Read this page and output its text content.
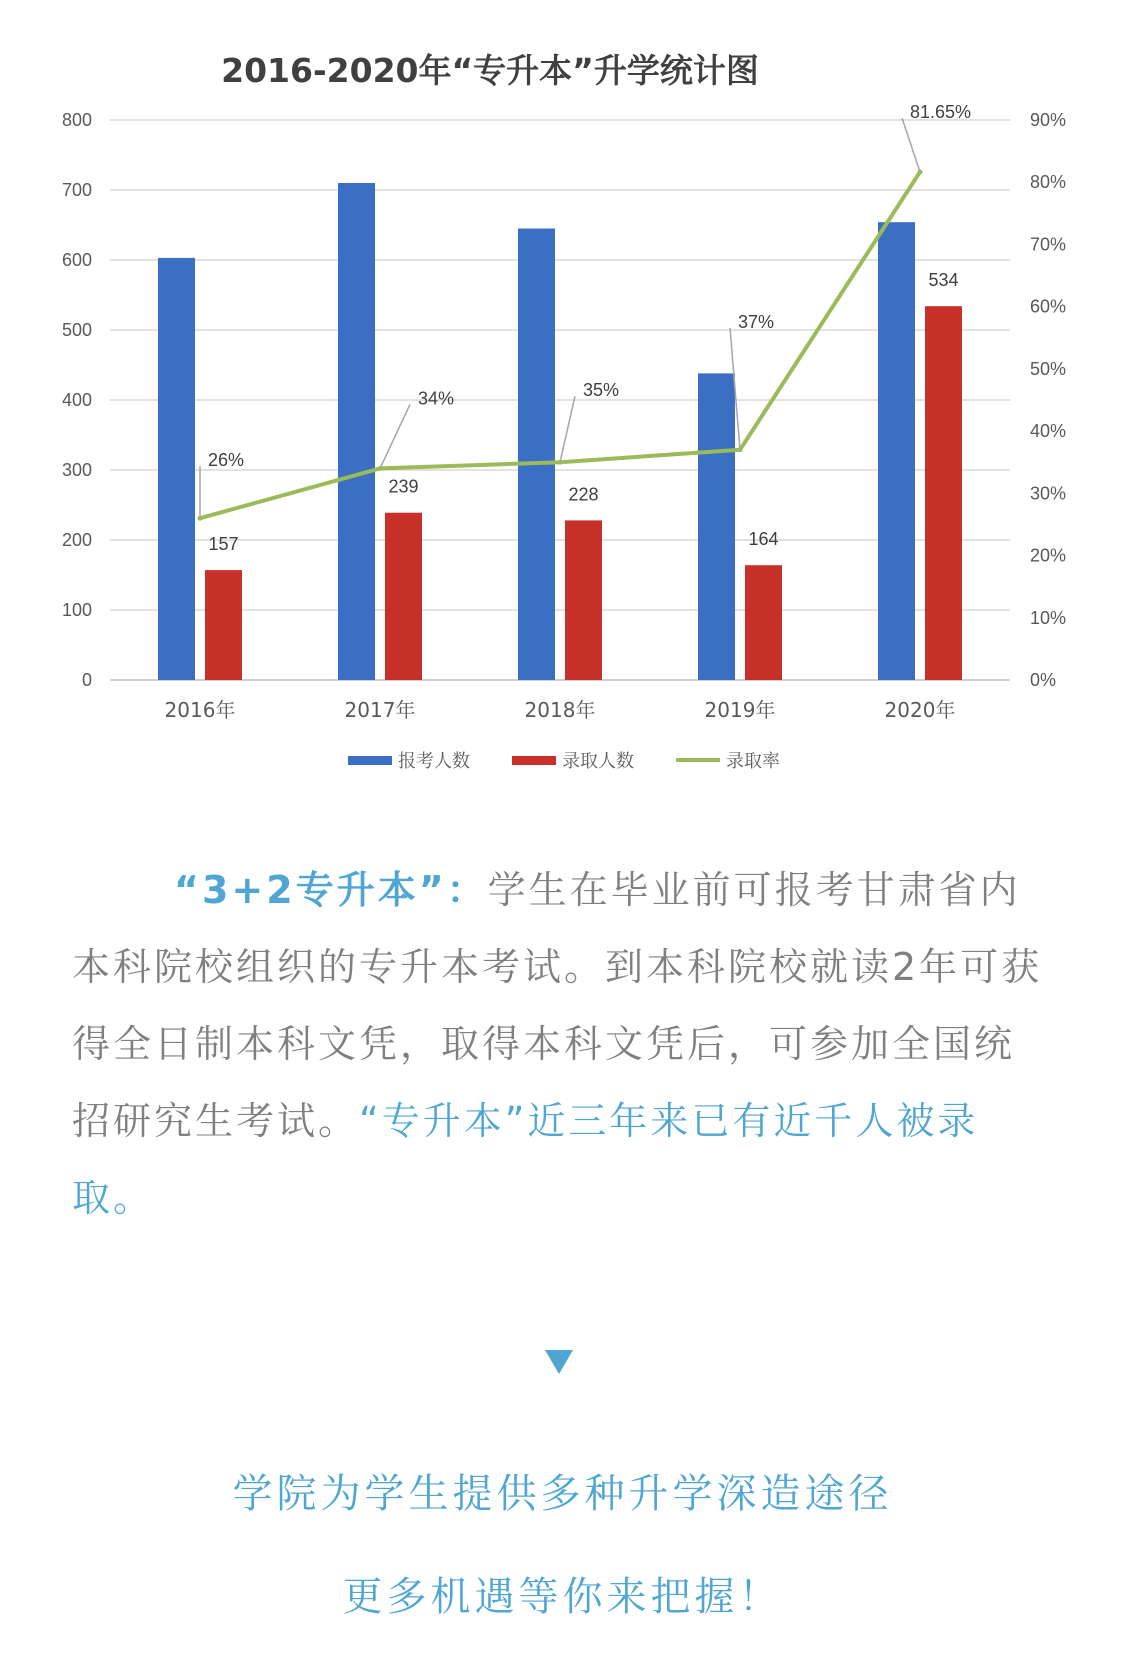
2016-2020年“专升本”升学统计图
0
100
200
300
400
500
600
700
800
0%
10%
20%
30%
40%
50%
60%
70%
80%
90%
2016年	2017年	2018年	2019年	2020年
157
239	228
164
534
26%
34%	35%
37%
81.65%
报考人数	录取人数	录取率
“3+2专升本”：学生在毕业前可报考甘肃省内本科院校组织的专升本考试。到本科院校就读2年可获得全日制本科文凭，取得本科文凭后，可参加全国统招研究生考试。“专升本”近三年来已有近千人被录取。
学院为学生提供多种升学深造途径
更多机遇等你来把握！
